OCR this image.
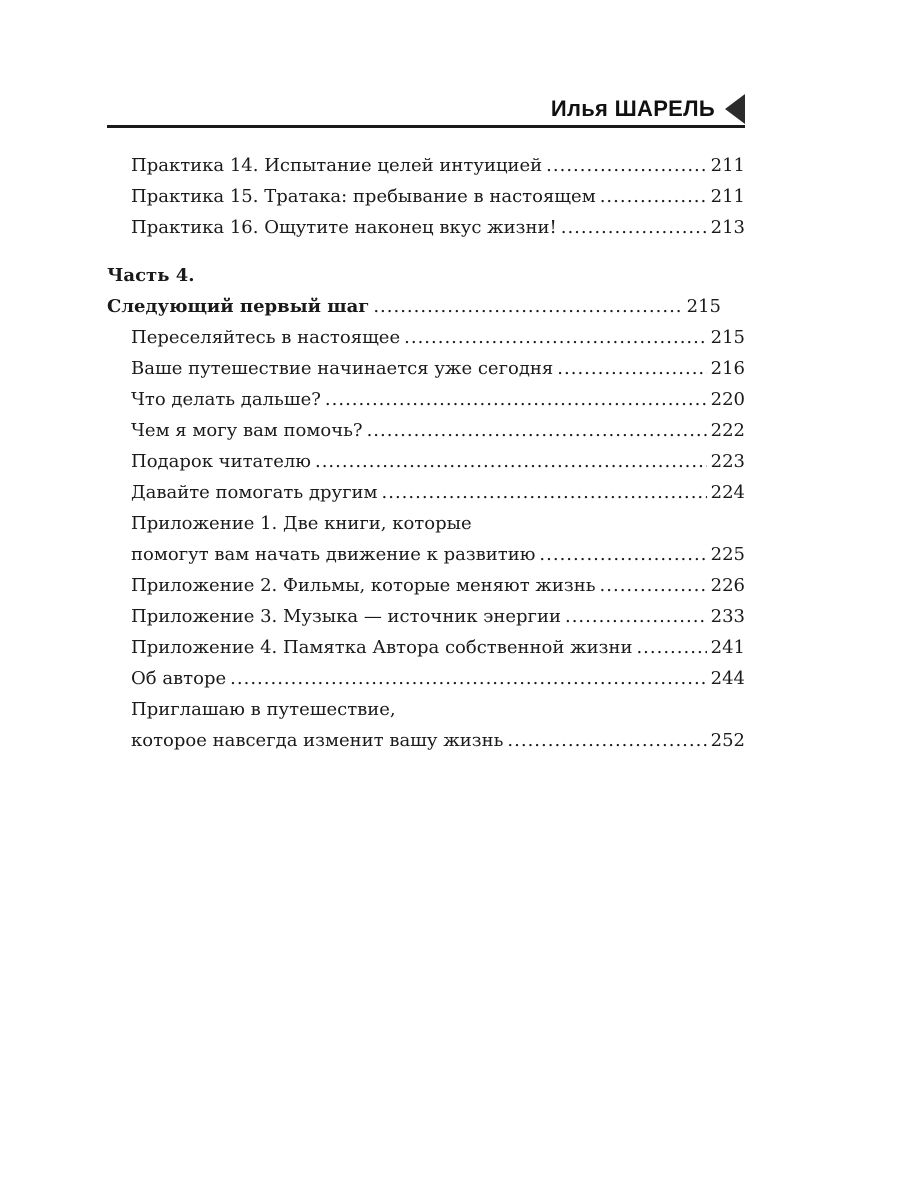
Илья ШАРЕЛЬ
Практика 14. Испытание целей интуицией .....	211
Практика 15. Тратака: пребывание в настоящем .....	211
Практика 16. Ощутите наконец вкус жизни! .....	213
Часть 4.
Следующий первый шаг .....	215
Переселяйтесь в настоящее .....	215
Ваше путешествие начинается уже сегодня .....	216
Что делать дальше? .....	220
Чем я могу вам помочь? .....	222
Подарок читателю .....	223
Давайте помогать другим .....	224
Приложение 1. Две книги, которые
помогут вам начать движение к развитию .....	225
Приложение 2. Фильмы, которые меняют жизнь .....	226
Приложение 3. Музыка — источник энергии .....	233
Приложение 4. Памятка Автора собственной жизни .....	241
Об авторе .....	244
Приглашаю в путешествие,
которое навсегда изменит вашу жизнь .....	252
